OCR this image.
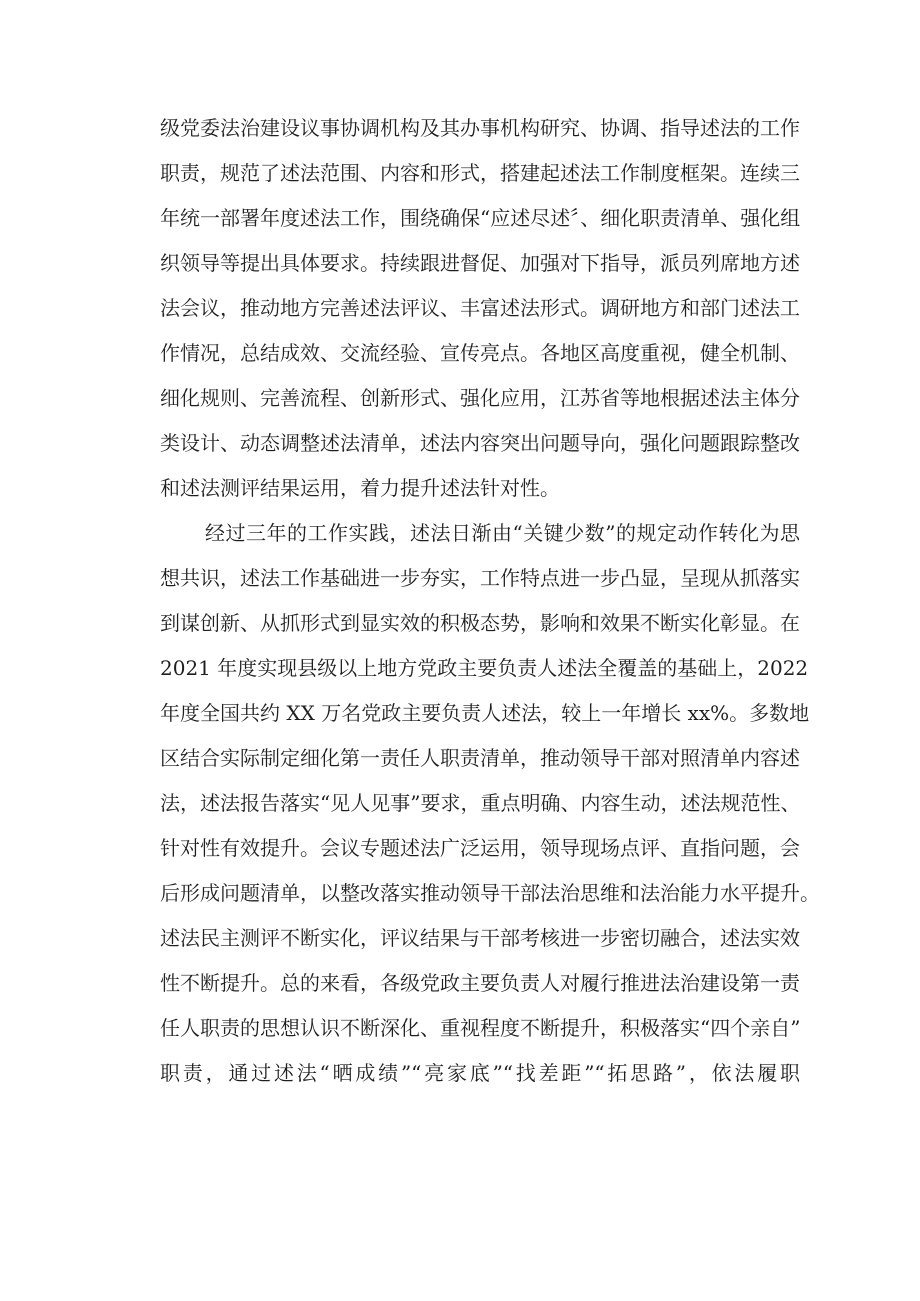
级党委法治建设议事协调机构及其办事机构研究、协调、指导述法的工作
职责，规范了述法范围、内容和形式，搭建起述法工作制度框架。连续三
年统一部署年度述法工作，围绕确保“应述尽述〞、细化职责清单、强化组
织领导等提出具体要求。持续跟进督促、加强对下指导，派员列席地方述
法会议，推动地方完善述法评议、丰富述法形式。调研地方和部门述法工
作情况，总结成效、交流经验、宣传亮点。各地区高度重视，健全机制、
细化规则、完善流程、创新形式、强化应用，江苏省等地根据述法主体分
类设计、动态调整述法清单，述法内容突出问题导向，强化问题跟踪整改
和述法测评结果运用，着力提升述法针对性。
经过三年的工作实践，述法日渐由“关键少数”的规定动作转化为思
想共识，述法工作基础进一步夯实，工作特点进一步凸显，呈现从抓落实
到谋创新、从抓形式到显实效的积极态势，影响和效果不断实化彰显。在
2021 年度实现县级以上地方党政主要负责人述法全覆盖的基础上，2022
年度全国共约 XX 万名党政主要负责人述法，较上一年增长 xx%。多数地
区结合实际制定细化第一责任人职责清单，推动领导干部对照清单内容述
法，述法报告落实“见人见事”要求，重点明确、内容生动，述法规范性、
针对性有效提升。会议专题述法广泛运用，领导现场点评、直指问题，会
后形成问题清单，以整改落实推动领导干部法治思维和法治能力水平提升。
述法民主测评不断实化，评议结果与干部考核进一步密切融合，述法实效
性不断提升。总的来看，各级党政主要负责人对履行推进法治建设第一责
任人职责的思想认识不断深化、重视程度不断提升，积极落实“四个亲自”
职责，通过述法“晒成绩”“亮家底”“找差距”“拓思路”，依法履职
